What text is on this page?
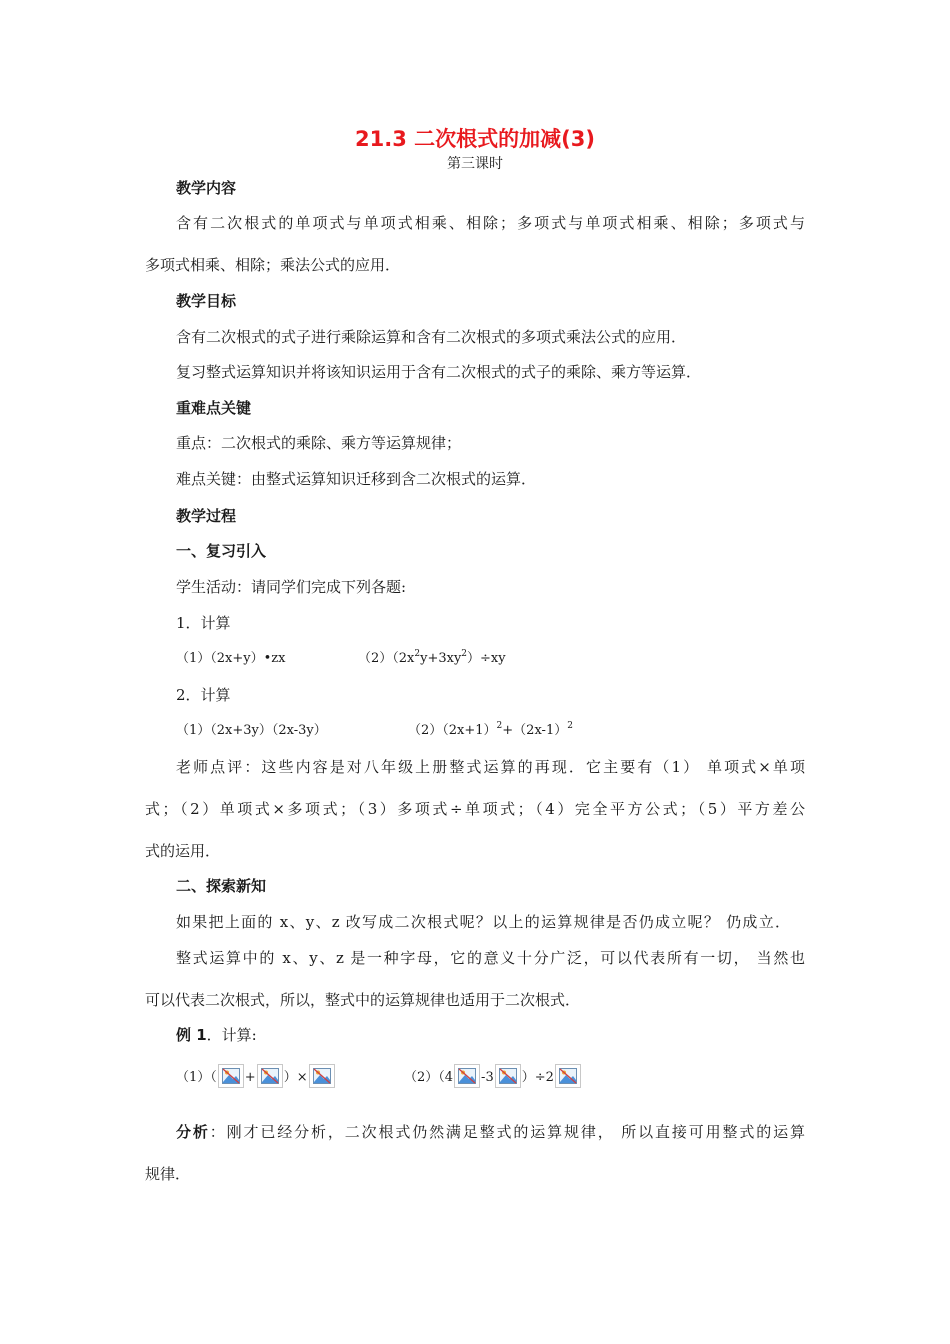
21.3 二次根式的加减(3)
第三课时
教学内容
含有二次根式的单项式与单项式相乘、相除；多项式与单项式相乘、相除；多项式与
多项式相乘、相除；乘法公式的应用．
教学目标
含有二次根式的式子进行乘除运算和含有二次根式的多项式乘法公式的应用．
复习整式运算知识并将该知识运用于含有二次根式的式子的乘除、乘方等运算．
重难点关键
重点：二次根式的乘除、乘方等运算规律；
难点关键：由整式运算知识迁移到含二次根式的运算．
教学过程
一、复习引入
学生活动：请同学们完成下列各题:
1．计算
（1）（2x+y）•zx	$(2)(2x^2y+3xy^2)\div xy$
2．计算
（1）（2x+3y）（2x-3y）	$(2)(2x+1)^2+(2x-1)^2$
老师点评：这些内容是对八年级上册整式运算的再现．它主要有（1） 单项式×单项
式；（2）单项式×多项式；（3）多项式÷单项式；（4）完全平方公式；（5）平方差公
式的运用．
二、探索新知
如果把上面的 x、y、z 改写成二次根式呢？以上的运算规律是否仍成立呢？ 仍成立．
整式运算中的 x、y、z 是一种字母，它的意义十分广泛，可以代表所有一切， 当然也
可以代表二次根式，所以，整式中的运算规律也适用于二次根式．
例 1．计算:
（1）（ + ）×	（2）（4 -3 ）÷2
分析：刚才已经分析，二次根式仍然满足整式的运算规律， 所以直接可用整式的运算
规律．
